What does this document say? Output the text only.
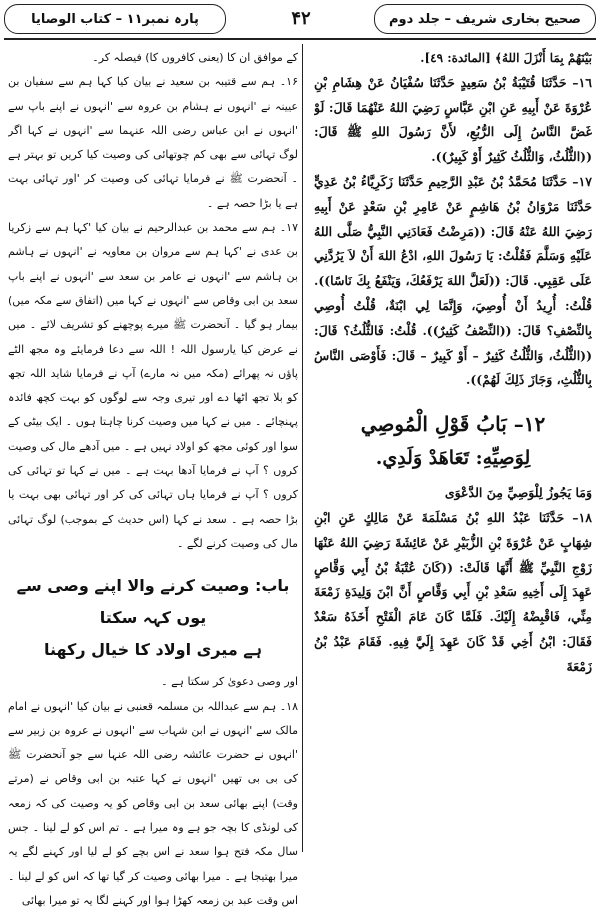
صحیح بخاری شریف – جلد دوم
۴۲
پارہ نمبر۱۱ – کتاب الوصایا

بَيْنَهُمْ بِمَا أَنْزَلَ اللهُ﴾ [المائدة: ٤٩].

١٦– حَدَّثَنَا قُتَيْبَةُ بْنُ سَعِيدٍ حَدَّثَنَا سُفْيَانُ عَنْ هِشَامِ بْنِ عُرْوَةَ عَنْ أَبِيهِ عَنِ ابْنِ عَبَّاسٍ رَضِيَ اللهُ عَنْهُمَا قَالَ: لَوْ غَضَّ النَّاسُ إِلَى الرُّبُعِ، لأَنَّ رَسُولَ اللهِ ﷺ قَالَ: ((الثُّلُثُ، وَالثُّلُثُ كَثِيرٌ أَوْ كَبِيرٌ)).

١٧– حَدَّثَنَا مُحَمَّدُ بْنُ عَبْدِ الرَّحِيمِ حَدَّثَنَا زَكَرِيَّاءُ بْنُ عَدِيٍّ حَدَّثَنَا مَرْوَانُ بْنُ هَاشِمٍ عَنْ عَامِرِ بْنِ سَعْدٍ عَنْ أَبِيهِ رَضِيَ اللهُ عَنْهُ قَالَ: ((مَرِضْتُ فَعَادَنِي النَّبِيُّ صَلَّى اللهُ عَلَيْهِ وَسَلَّمَ فَقُلْتُ: يَا رَسُولَ اللهِ، ادْعُ اللهَ أَنْ لاَ يَرُدَّنِي عَلَى عَقِبِي. قَالَ: ((لَعَلَّ اللهَ يَرْفَعُكَ، وَيَنْفَعُ بِكَ نَاسًا)). قُلْتُ: أُرِيدُ أَنْ أُوصِيَ، وَإِنَّمَا لِي ابْنَةٌ، قُلْتُ أُوصِي بِالنِّصْفِ؟ قَالَ: ((النِّصْفُ كَثِيرٌ)). قُلْتُ: فَالثُّلُثُ؟ قَالَ: ((الثُّلُثُ، وَالثُّلُثُ كَثِيرٌ – أَوْ كَبِيرٌ – قَالَ: فَأَوْصَى النَّاسُ بِالثُّلُثِ، وَجَازَ ذَلِكَ لَهُمْ)).

١٢– بَابُ قَوْلِ الْمُوصِي
لِوَصِيِّهِ: تَعَاهَدْ وَلَدِي.

وَمَا يَجُوزُ لِلْوَصِيِّ مِنَ الدَّعْوَى

١٨– حَدَّثَنَا عَبْدُ اللهِ بْنُ مَسْلَمَةَ عَنْ مَالِكٍ عَنِ ابْنِ شِهَابٍ عَنْ عُرْوَةَ بْنِ الزُّبَيْرِ عَنْ عَائِشَةَ رَضِيَ اللهُ عَنْهَا زَوْجِ النَّبِيِّ ﷺ أَنَّهَا قَالَتْ: ((كَانَ عُتْبَةُ بْنُ أَبِي وَقَّاصٍ عَهِدَ إِلَى أَخِيهِ سَعْدِ بْنِ أَبِي وَقَّاصٍ أَنَّ ابْنَ وَلِيدَةِ زَمْعَةَ مِنِّي، فَاقْبِضْهُ إِلَيْكَ. فَلَمَّا كَانَ عَامَ الْفَتْحِ أَخَذَهُ سَعْدٌ فَقَالَ: ابْنُ أَخِي قَدْ كَانَ عَهِدَ إِلَيَّ فِيهِ. فَقَامَ عَبْدُ بْنُ زَمْعَةَ

کے موافق ان کا (یعنی کافروں کا) فیصلہ کر۔

۱۶۔ ہم سے قتیبہ بن سعید نے بیان کیا کہا ہم سے سفیان بن عیینہ نے 'انہوں نے ہشام بن عروہ سے 'انہوں نے اپنے باپ سے 'انہوں نے ابن عباس رضی اللہ عنہما سے 'انہوں نے کہا اگر لوگ تہائی سے بھی کم چوتھائی کی وصیت کیا کریں تو بہتر ہے ۔ آنحضرت ﷺ نے فرمایا تہائی کی وصیت کر 'اور تہائی بہت ہے یا بڑا حصہ ہے ۔

۱۷۔ ہم سے محمد بن عبدالرحیم نے بیان کیا 'کہا ہم سے زکریا بن عدی نے 'کہا ہم سے مروان بن معاویہ نے 'انہوں نے ہاشم بن ہاشم سے 'انہوں نے عامر بن سعد سے 'انہوں نے اپنے باپ سعد بن ابی وقاص سے 'انہوں نے کہا میں (اتفاق سے مکہ میں) بیمار ہو گیا ۔ آنحضرت ﷺ میرے پوچھنے کو تشریف لائے ۔ میں نے عرض کیا یارسول اللہ ! اللہ سے دعا فرمایئے وہ مجھ الٹے پاؤں نہ پھرائے (مکہ میں نہ مارے) آپ نے فرمایا شاید اللہ تجھ کو بلا تجھ اٹھا دے اور تیری وجہ سے لوگوں کو بہت کچھ فائدہ پہنچائے ۔ میں نے کہا میں وصیت کرنا چاہتا ہوں ۔ ایک بیٹی کے سوا اور کوئی مجھ کو اولاد نہیں ہے ۔ میں آدھے مال کی وصیت کروں ؟ آپ نے فرمایا آدھا بہت ہے ۔ میں نے کہا تو تہائی کی کروں ؟ آپ نے فرمایا ہاں تہائی کی کر اور تہائی بھی بہت یا بڑا حصہ ہے ۔ سعد نے کہا (اس حدیث کے بموجب) لوگ تہائی مال کی وصیت کرنے لگے ۔

باب: وصیت کرنے والا اپنے وصی سے یوں کہہ سکتا
ہے میری اولاد کا خیال رکھنا

اور وصی دعویٰ کر سکتا ہے ۔

۱۸۔ ہم سے عبداللہ بن مسلمہ قعنبی نے بیان کیا 'انہوں نے امام مالک سے 'انہوں نے ابن شہاب سے 'انہوں نے عروہ بن زبیر سے 'انہوں نے حضرت عائشہ رضی اللہ عنہا سے جو آنحضرت ﷺ کی بی بی تھیں 'انہوں نے کہا عتبہ بن ابی وقاص نے (مرتے وقت) اپنے بھائی سعد بن ابی وقاص کو یہ وصیت کی کہ زمعہ کی لونڈی کا بچہ جو ہے وہ میرا ہے ۔ تم اس کو لے لینا ۔ جس سال مکہ فتح ہوا سعد نے اس بچے کو لے لیا اور کہنے لگے یہ میرا بھتیجا ہے ۔ میرا بھائی وصیت کر گیا تھا کہ اس کو لے لینا ۔ اس وقت عبد بن زمعہ کھڑا ہوا اور کہنے لگا یہ تو میرا بھائی
